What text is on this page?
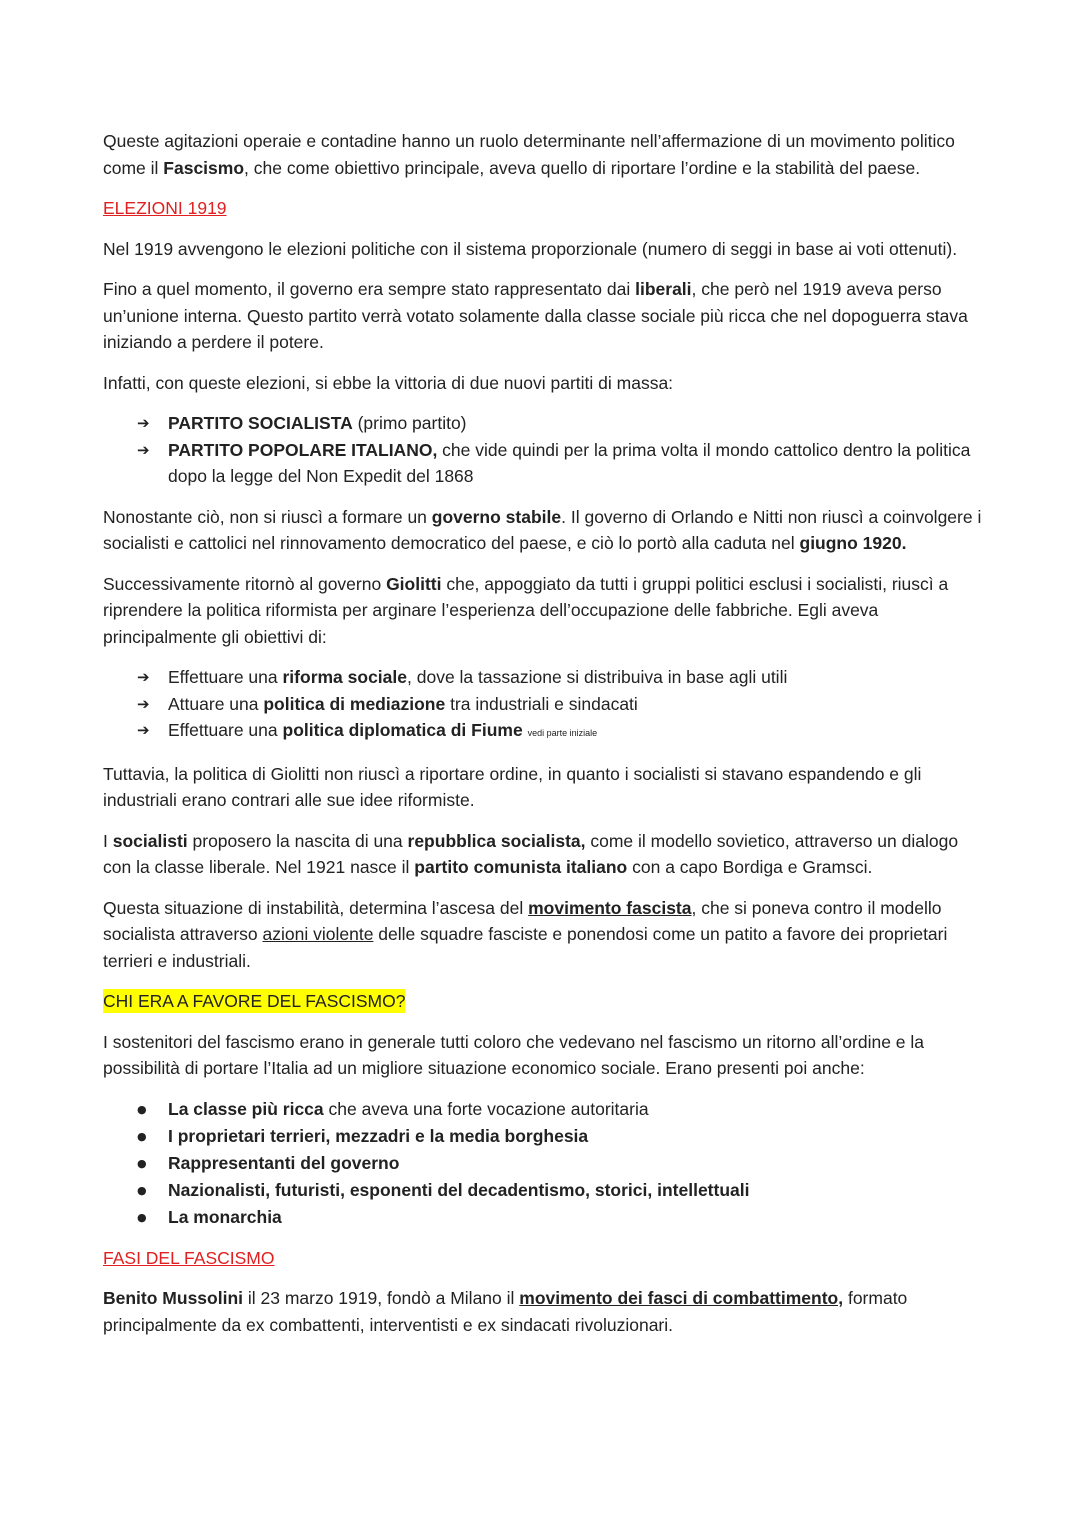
Queste agitazioni operaie e contadine hanno un ruolo determinante nell’affermazione di un movimento politico come il Fascismo, che come obiettivo principale, aveva quello di riportare l’ordine e la stabilità del paese.

ELEZIONI 1919

Nel 1919 avvengono le elezioni politiche con il sistema proporzionale (numero di seggi in base ai voti ottenuti).

Fino a quel momento, il governo era sempre stato rappresentato dai liberali, che però nel 1919 aveva perso un’unione interna. Questo partito verrà votato solamente dalla classe sociale più ricca che nel dopoguerra stava iniziando a perdere il potere.

Infatti, con queste elezioni, si ebbe la vittoria di due nuovi partiti di massa:

➔ PARTITO SOCIALISTA (primo partito)
➔ PARTITO POPOLARE ITALIANO, che vide quindi per la prima volta il mondo cattolico dentro la politica dopo la legge del Non Expedit del 1868

Nonostante ciò, non si riuscì a formare un governo stabile. Il governo di Orlando e Nitti non riuscì a coinvolgere i socialisti e cattolici nel rinnovamento democratico del paese, e ciò lo portò alla caduta nel giugno 1920.

Successivamente ritornò al governo Giolitti che, appoggiato da tutti i gruppi politici esclusi i socialisti, riuscì a riprendere la politica riformista per arginare l’esperienza dell’occupazione delle fabbriche. Egli aveva principalmente gli obiettivi di:

➔ Effettuare una riforma sociale, dove la tassazione si distribuiva in base agli utili
➔ Attuare una politica di mediazione tra industriali e sindacati
➔ Effettuare una politica diplomatica di Fiume vedi parte iniziale

Tuttavia, la politica di Giolitti non riuscì a riportare ordine, in quanto i socialisti si stavano espandendo e gli industriali erano contrari alle sue idee riformiste.

I socialisti proposero la nascita di una repubblica socialista, come il modello sovietico, attraverso un dialogo con la classe liberale. Nel 1921 nasce il partito comunista italiano con a capo Bordiga e Gramsci.

Questa situazione di instabilità, determina l’ascesa del movimento fascista, che si poneva contro il modello socialista attraverso azioni violente delle squadre fasciste e ponendosi come un patito a favore dei proprietari terrieri e industriali.

CHI ERA A FAVORE DEL FASCISMO?

I sostenitori del fascismo erano in generale tutti coloro che vedevano nel fascismo un ritorno all’ordine e la possibilità di portare l’Italia ad un migliore situazione economico sociale. Erano presenti poi anche:

● La classe più ricca che aveva una forte vocazione autoritaria
● I proprietari terrieri, mezzadri e la media borghesia
● Rappresentanti del governo
● Nazionalisti, futuristi, esponenti del decadentismo, storici, intellettuali
● La monarchia

FASI DEL FASCISMO

Benito Mussolini il 23 marzo 1919, fondò a Milano il movimento dei fasci di combattimento, formato principalmente da ex combattenti, interventisti e ex sindacati rivoluzionari.
